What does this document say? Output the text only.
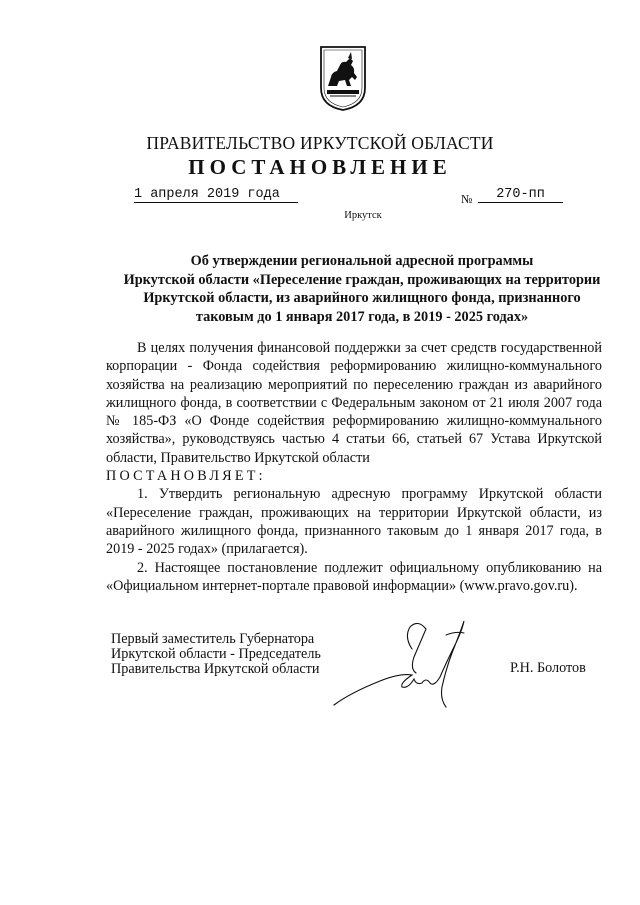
ПРАВИТЕЛЬСТВО ИРКУТСКОЙ ОБЛАСТИ
ПОСТАНОВЛЕНИЕ
1 апреля 2019 года	№	270-пп
Иркутск
Об утверждении региональной адресной программы
Иркутской области «Переселение граждан, проживающих на территории
Иркутской области, из аварийного жилищного фонда, признанного
таковым до 1 января 2017 года, в 2019 - 2025 годах»

В целях получения финансовой поддержки за счет средств государственной корпорации - Фонда содействия реформированию жилищно-коммунального хозяйства на реализацию мероприятий по переселению граждан из аварийного жилищного фонда, в соответствии с Федеральным законом от 21 июля 2007 года № 185-ФЗ «О Фонде содействия реформированию жилищно-коммунального хозяйства», руководствуясь частью 4 статьи 66, статьей 67 Устава Иркутской области, Правительство Иркутской области

ПОСТАНОВЛЯЕТ:

1. Утвердить региональную адресную программу Иркутской области «Переселение граждан, проживающих на территории Иркутской области, из аварийного жилищного фонда, признанного таковым до 1 января 2017 года, в 2019 - 2025 годах» (прилагается).

2. Настоящее постановление подлежит официальному опубликованию на «Официальном интернет-портале правовой информации» (www.pravo.gov.ru).

Первый заместитель Губернатора
Иркутской области - Председатель
Правительства Иркутской области	Р.Н. Болотов
